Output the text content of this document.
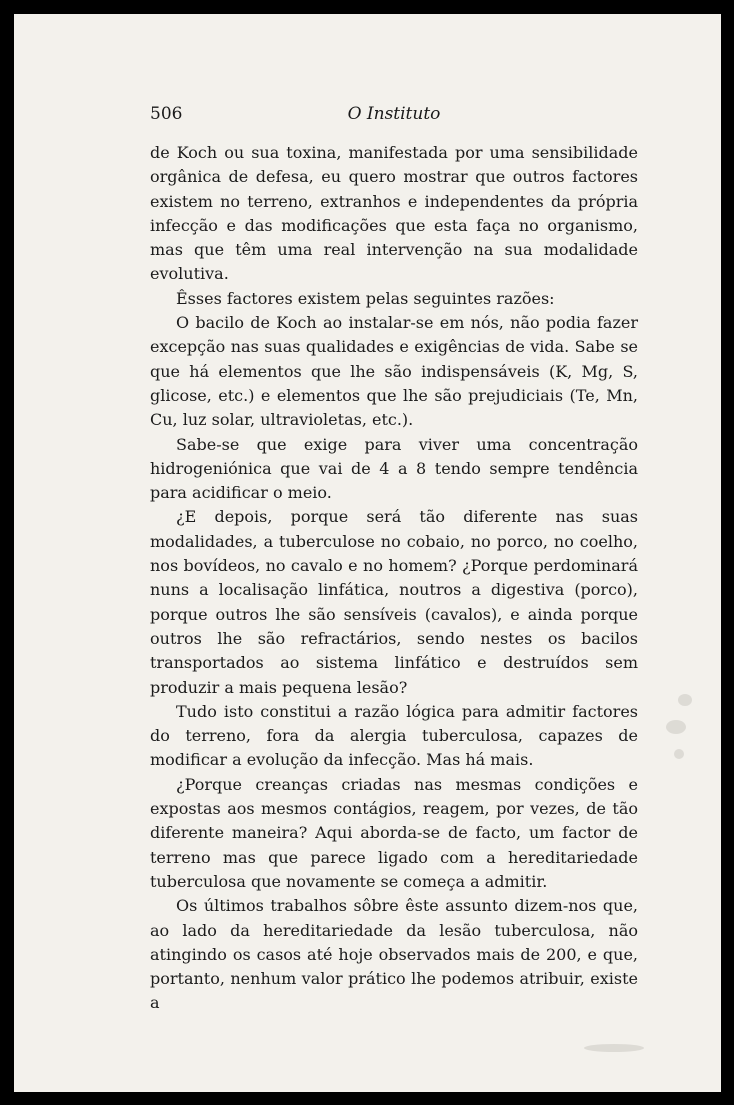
506	O Instituto

de Koch ou sua toxina, manifestada por uma sensibilidade orgânica de defesa, eu quero mostrar que outros factores existem no terreno, extranhos e independentes da própria infecção e das modificações que esta faça no organismo, mas que têm uma real intervenção na sua modalidade evolutiva.

Êsses factores existem pelas seguintes razões:

O bacilo de Koch ao instalar-se em nós, não podia fazer excepção nas suas qualidades e exigências de vida. Sabe se que há elementos que lhe são indispensáveis (K, Mg, S, glicose, etc.) e elementos que lhe são prejudiciais (Te, Mn, Cu, luz solar, ultravioletas, etc.).

Sabe-se que exige para viver uma concentração hidrogeniónica que vai de 4 a 8 tendo sempre tendência para acidificar o meio.

¿E depois, porque será tão diferente nas suas modalidades, a tuberculose no cobaio, no porco, no coelho, nos bovídeos, no cavalo e no homem? ¿Porque perdominará nuns a localisação linfática, noutros a digestiva (porco), porque outros lhe são sensíveis (cavalos), e ainda porque outros lhe são refractários, sendo nestes os bacilos transportados ao sistema linfático e destruídos sem produzir a mais pequena lesão?

Tudo isto constitui a razão lógica para admitir factores do terreno, fora da alergia tuberculosa, capazes de modificar a evolução da infecção. Mas há mais.

¿Porque creanças criadas nas mesmas condições e expostas aos mesmos contágios, reagem, por vezes, de tão diferente maneira? Aqui aborda-se de facto, um factor de terreno mas que parece ligado com a hereditariedade tuberculosa que novamente se começa a admitir.

Os últimos trabalhos sôbre êste assunto dizem-nos que, ao lado da hereditariedade da lesão tuberculosa, não atingindo os casos até hoje observados mais de 200, e que, portanto, nenhum valor prático lhe podemos atribuir, existe a
